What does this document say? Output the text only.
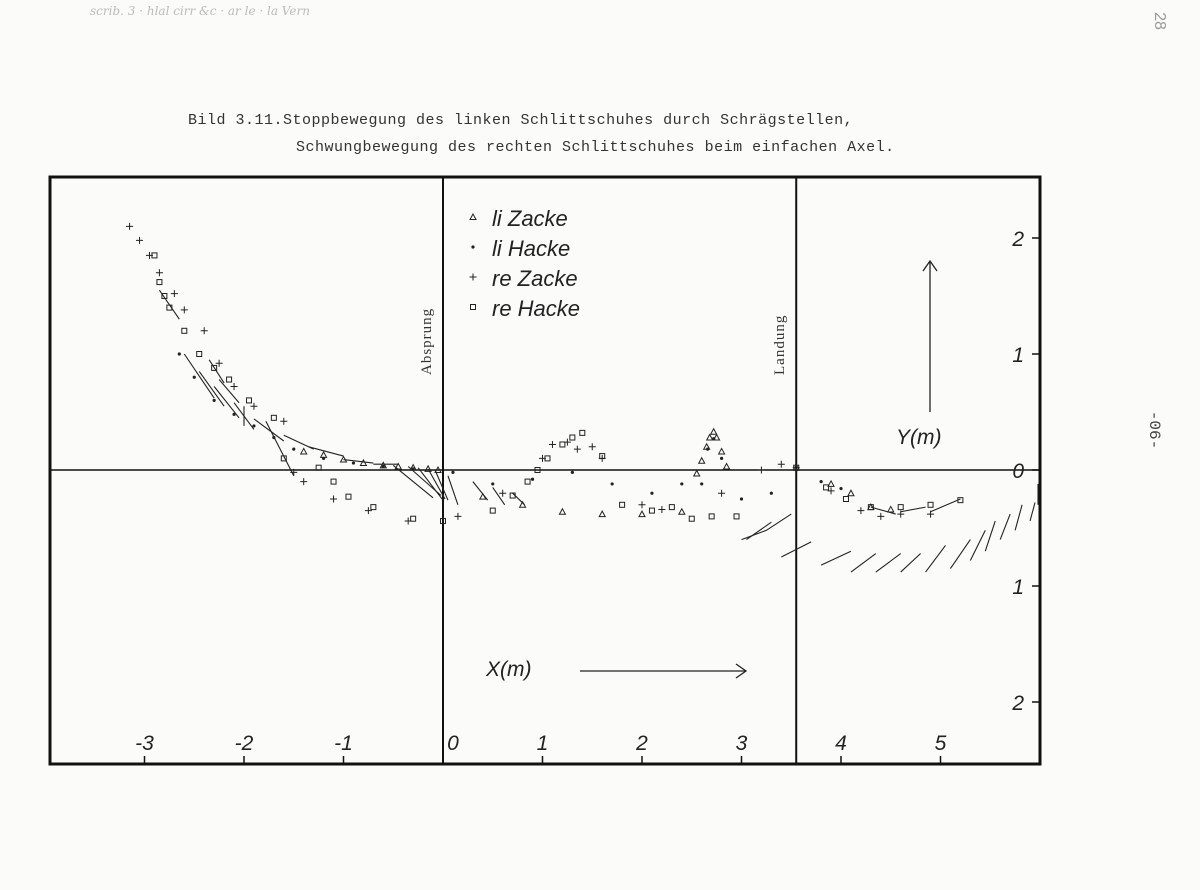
Bild 3.11.Stoppbewegung des linken Schlittschuhes durch Schrägstellen,
Schwungbewegung des rechten Schlittschuhes beim einfachen Axel.
scrib. 3 · hlal cirr &c · ar le · la Vern
28
-06-
Absprung	Landung
-3	-2	-1	0	1	2	3	4	5
2
1
0
1
2
li Zacke
li Hacke
re Zacke
re Hacke
X(m)
Y(m)
